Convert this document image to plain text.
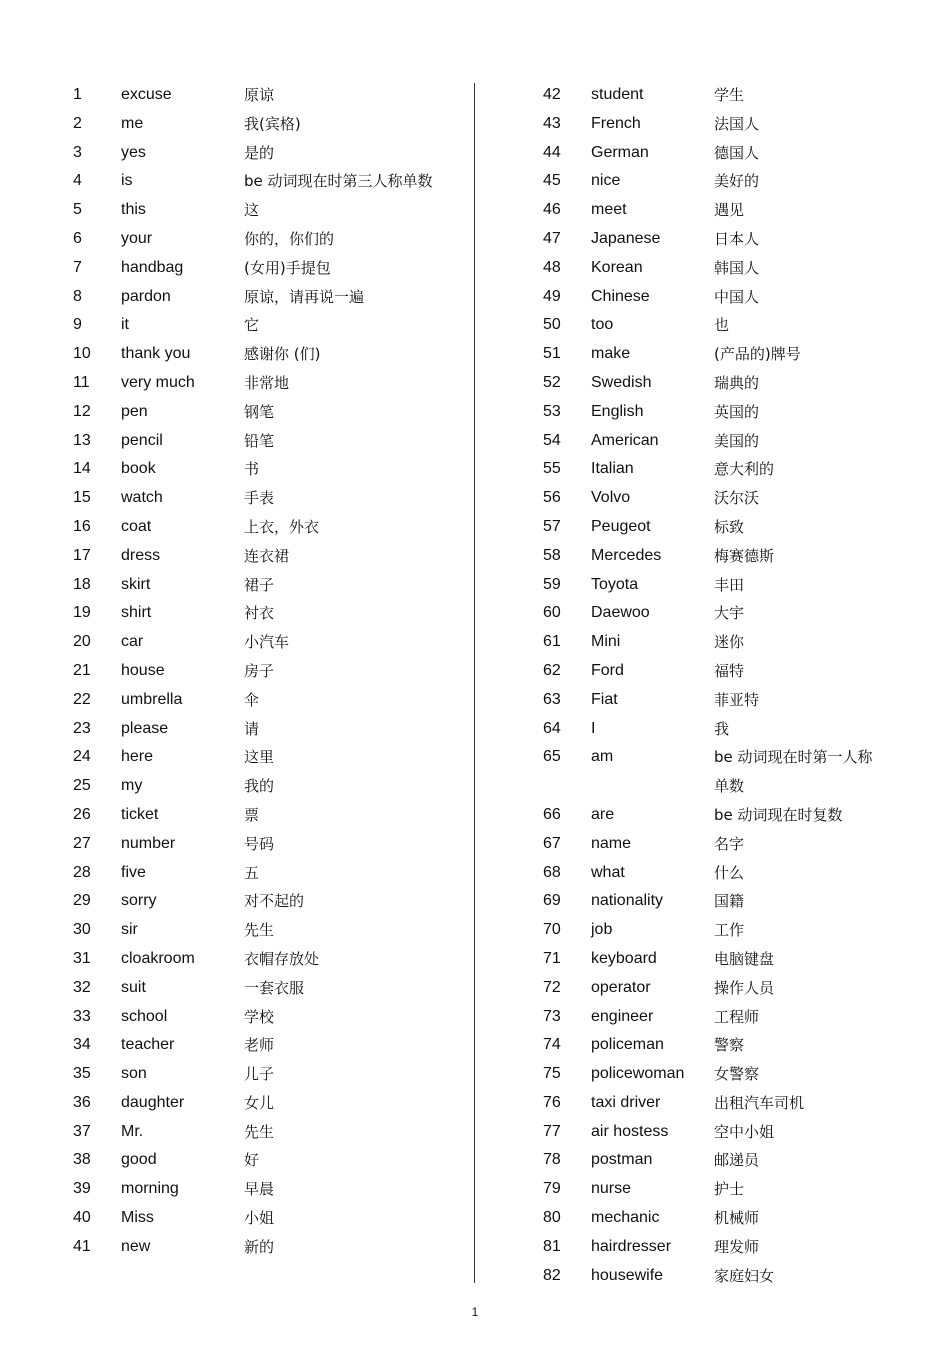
1	excuse	原谅
2	me	我(宾格)
3	yes	是的
4	is	be 动词现在时第三人称单数
5	this	这
6	your	你的，你们的
7	handbag	(女用)手提包
8	pardon	原谅，请再说一遍
9	it	它
10	thank you	感谢你 (们)
11	very much	非常地
12	pen	钢笔
13	pencil	铅笔
14	book	书
15	watch	手表
16	coat	上衣，外衣
17	dress	连衣裙
18	skirt	裙子
19	shirt	衬衣
20	car	小汽车
21	house	房子
22	umbrella	伞
23	please	请
24	here	这里
25	my	我的
26	ticket	票
27	number	号码
28	five	五
29	sorry	对不起的
30	sir	先生
31	cloakroom	衣帽存放处
32	suit	一套衣服
33	school	学校
34	teacher	老师
35	son	儿子
36	daughter	女儿
37	Mr.	先生
38	good	好
39	morning	早晨
40	Miss	小姐
41	new	新的
42	student	学生
43	French	法国人
44	German	德国人
45	nice	美好的
46	meet	遇见
47	Japanese	日本人
48	Korean	韩国人
49	Chinese	中国人
50	too	也
51	make	(产品的)牌号
52	Swedish	瑞典的
53	English	英国的
54	American	美国的
55	Italian	意大利的
56	Volvo	沃尔沃
57	Peugeot	标致
58	Mercedes	梅赛德斯
59	Toyota	丰田
60	Daewoo	大宇
61	Mini	迷你
62	Ford	福特
63	Fiat	菲亚特
64	I	我
65	am	be 动词现在时第一人称单数
66	are	be 动词现在时复数
67	name	名字
68	what	什么
69	nationality	国籍
70	job	工作
71	keyboard	电脑键盘
72	operator	操作人员
73	engineer	工程师
74	policeman	警察
75	policewoman	女警察
76	taxi driver	出租汽车司机
77	air hostess	空中小姐
78	postman	邮递员
79	nurse	护士
80	mechanic	机械师
81	hairdresser	理发师
82	housewife	家庭妇女
1
